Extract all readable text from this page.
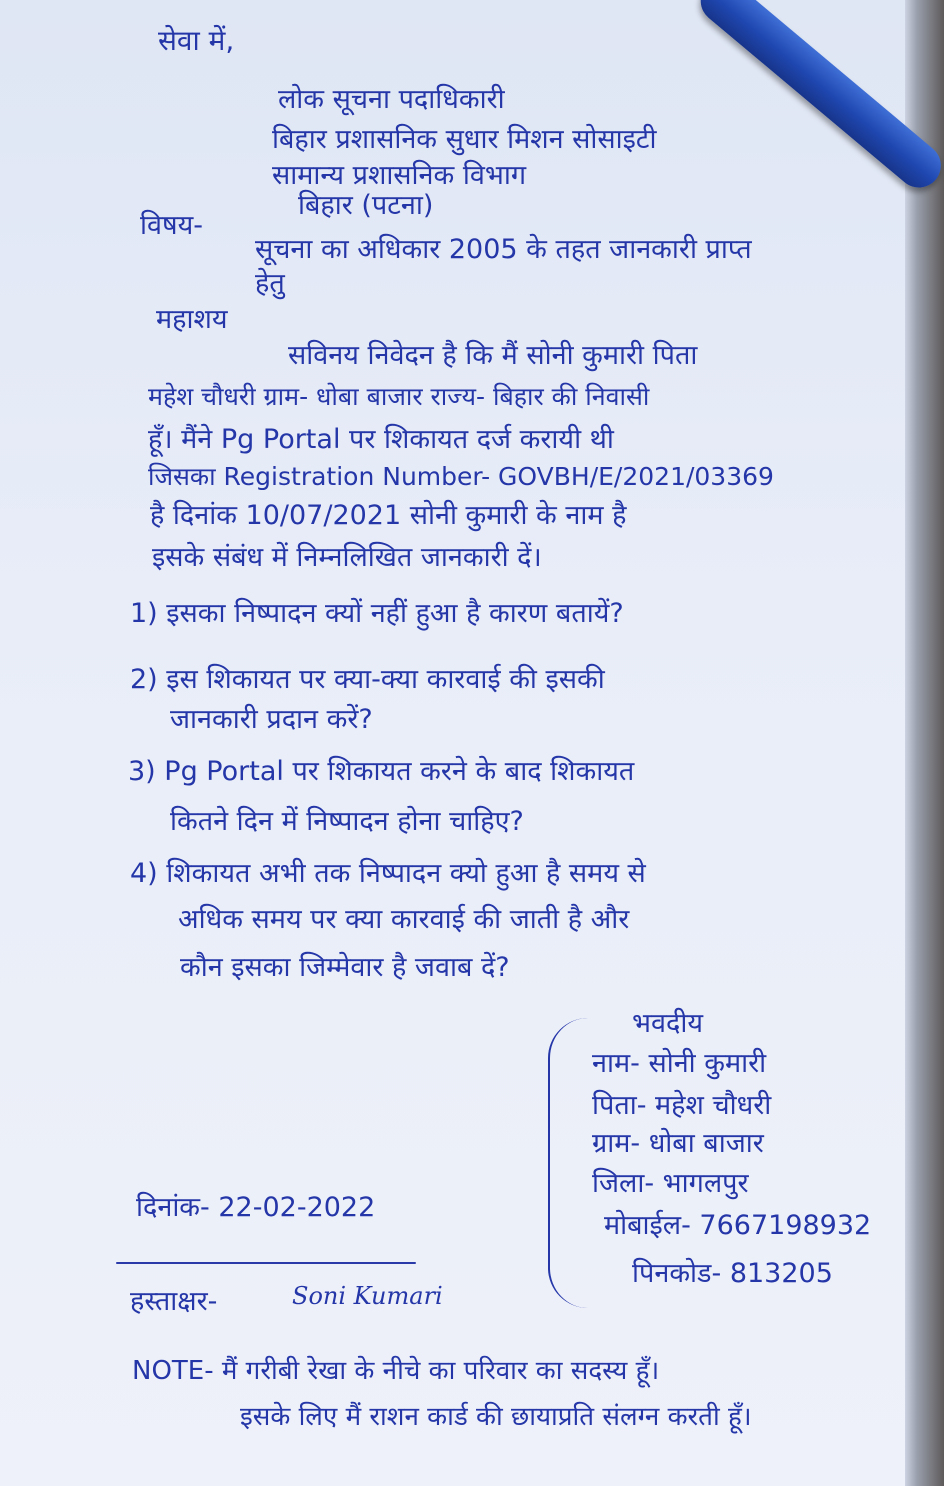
सेवा में,
लोक सूचना पदाधिकारी
बिहार प्रशासनिक सुधार मिशन सोसाइटी
सामान्य प्रशासनिक विभाग
बिहार (पटना)
विषय-
सूचना का अधिकार 2005 के तहत जानकारी प्राप्त
हेतु
महाशय
सविनय निवेदन है कि मैं सोनी कुमारी पिता
महेश चौधरी ग्राम- धोबा बाजार राज्य- बिहार की निवासी
हूँ। मैंने Pg Portal पर शिकायत दर्ज करायी थी
जिसका Registration Number- GOVBH/E/2021/03369
है दिनांक 10/07/2021 सोनी कुमारी के नाम है
इसके संबंध में निम्नलिखित जानकारी दें।
1) इसका निष्पादन क्यों नहीं हुआ है कारण बतायें?
2) इस शिकायत पर क्या-क्या कारवाई की इसकी
जानकारी प्रदान करें?
3) Pg Portal पर शिकायत करने के बाद शिकायत
कितने दिन में निष्पादन होना चाहिए?
4) शिकायत अभी तक निष्पादन क्यो हुआ है समय से
अधिक समय पर क्या कारवाई की जाती है और
कौन इसका जिम्मेवार है जवाब दें?
भवदीय
नाम- सोनी कुमारी
पिता- महेश चौधरी
ग्राम- धोबा बाजार
जिला- भागलपुर
मोबाईल- 7667198932
पिनकोड- 813205
दिनांक- 22-02-2022
हस्ताक्षर-	Soni Kumari
NOTE- मैं गरीबी रेखा के नीचे का परिवार का सदस्य हूँ।
इसके लिए मैं राशन कार्ड की छायाप्रति संलग्न करती हूँ।
